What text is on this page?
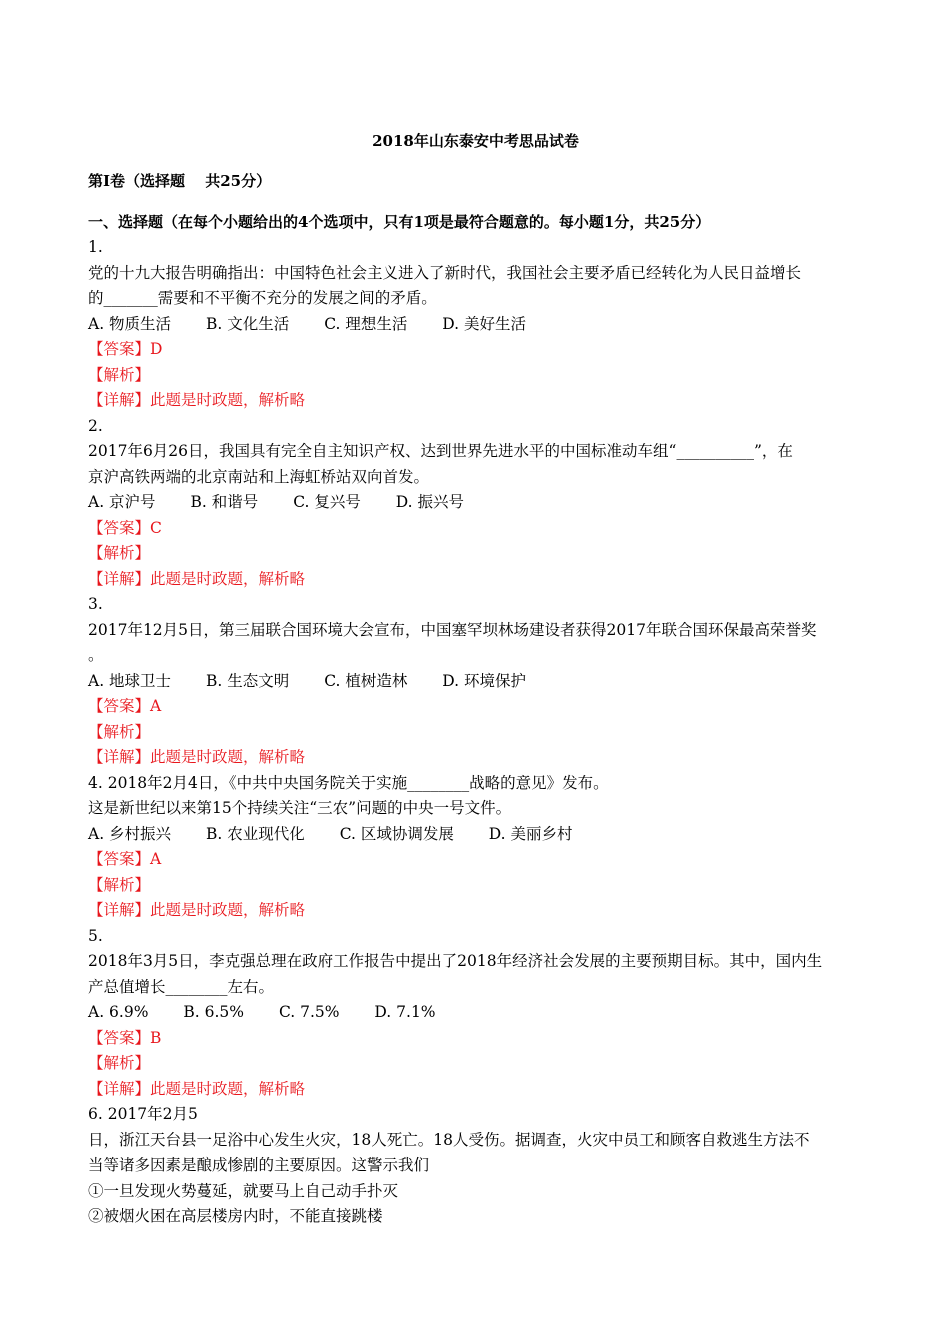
2018年山东泰安中考思品试卷
第I卷（选择题　 共25分）
一、选择题（在每个小题给出的4个选项中，只有1项是最符合题意的。每小题1分，共25分）
1.
党的十九大报告明确指出：中国特色社会主义进入了新时代，我国社会主要矛盾已经转化为人民日益增长
的_______需要和不平衡不充分的发展之间的矛盾。
A. 物质生活 B. 文化生活 C. 理想生活 D. 美好生活
【答案】D
【解析】
【详解】此题是时政题，解析略
2.
2017年6月26日，我国具有完全自主知识产权、达到世界先进水平的中国标准动车组“__________”，在
京沪高铁两端的北京南站和上海虹桥站双向首发。
A. 京沪号 B. 和谐号 C. 复兴号 D. 振兴号
【答案】C
【解析】
【详解】此题是时政题，解析略
3.
2017年12月5日，第三届联合国环境大会宣布，中国塞罕坝林场建设者获得2017年联合国环保最高荣誉奖
。
A. 地球卫士 B. 生态文明 C. 植树造林 D. 环境保护
【答案】A
【解析】
【详解】此题是时政题，解析略
4. 2018年2月4日，《中共中央国务院关于实施________战略的意见》发布。
这是新世纪以来第15个持续关注“三农”问题的中央一号文件。
A. 乡村振兴 B. 农业现代化 C. 区域协调发展 D. 美丽乡村
【答案】A
【解析】
【详解】此题是时政题，解析略
5.
2018年3月5日，李克强总理在政府工作报告中提出了2018年经济社会发展的主要预期目标。其中，国内生
产总值增长________左右。
A. 6.9% B. 6.5% C. 7.5% D. 7.1%
【答案】B
【解析】
【详解】此题是时政题，解析略
6. 2017年2月5
日，浙江天台县一足浴中心发生火灾，18人死亡。18人受伤。据调查，火灾中员工和顾客自救逃生方法不
当等诸多因素是酿成惨剧的主要原因。这警示我们
①一旦发现火势蔓延，就要马上自己动手扑灭
②被烟火困在高层楼房内时，不能直接跳楼
